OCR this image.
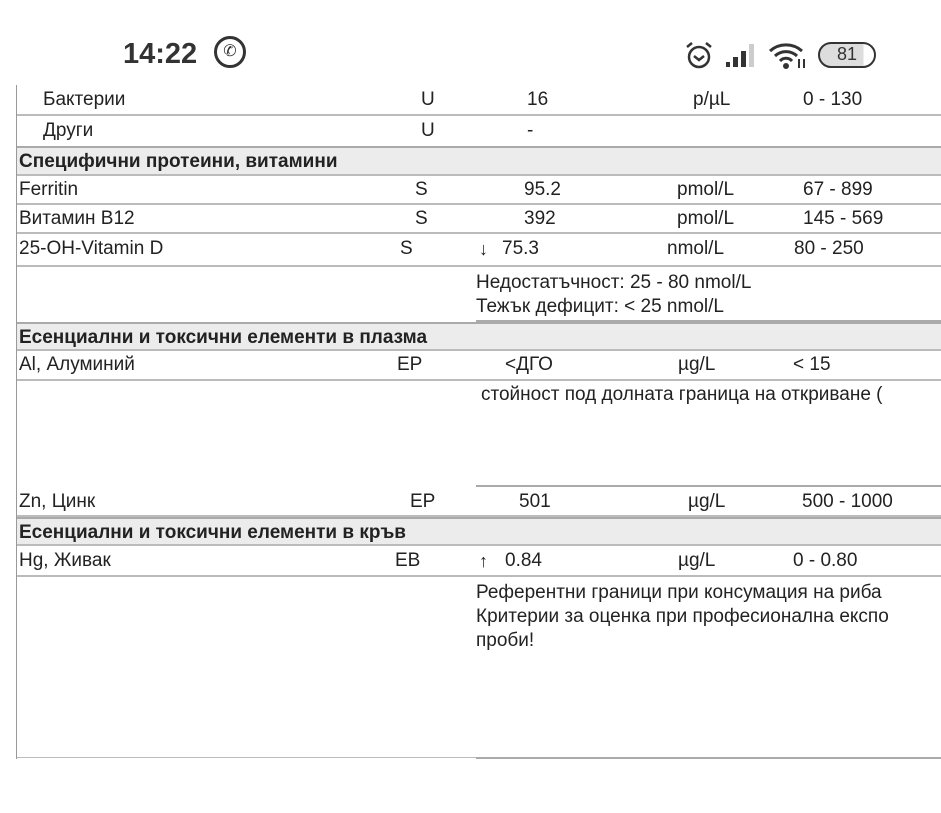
14:22	✆	81
Бактерии	U	16	p/µL	0 - 130
Други	U	-
Специфични протеини, витамини
Ferritin	S	95.2	pmol/L	67 - 899
Витамин B12	S	392	pmol/L	145 - 569
25-OH-Vitamin D	S	↓ 75.3	nmol/L	80 - 250
Недостатъчност: 25 - 80 nmol/L
Тежък дефицит: < 25 nmol/L
Есенциални и токсични елементи в плазма
Al, Алуминий	EP	<ДГО	µg/L	< 15
стойност под долната граница на откриване (
Zn, Цинк	EP	501	µg/L	500 - 1000
Есенциални и токсични елементи в кръв
Hg, Живак	EB	↑ 0.84	µg/L	0 - 0.80
Референтни граници при консумация на риба
Критерии за оценка при професионална експо
проби!
